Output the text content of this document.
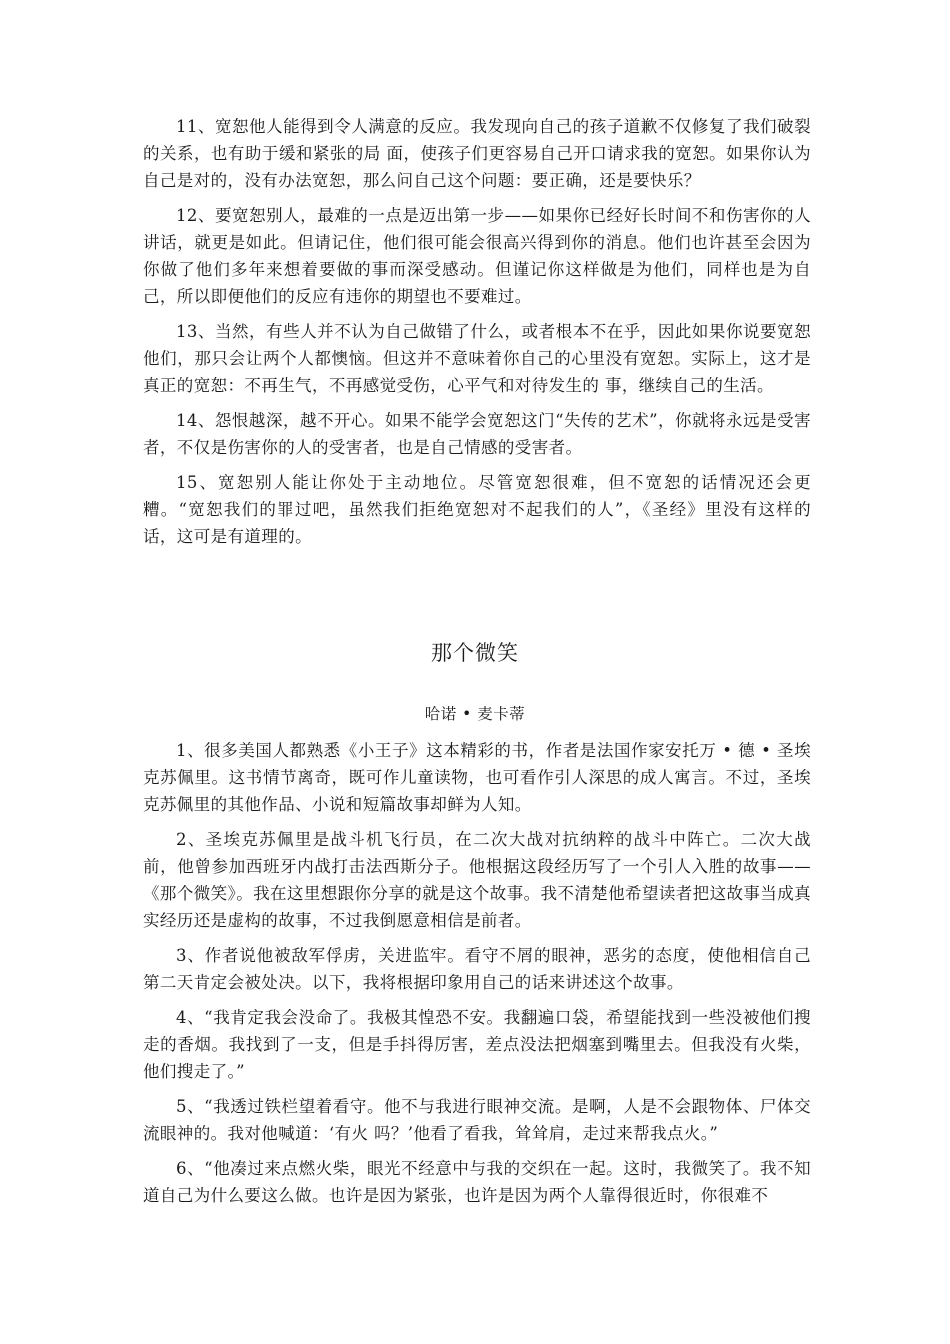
11、宽恕他人能得到令人满意的反应。我发现向自己的孩子道歉不仅修复了我们破裂的关系，也有助于缓和紧张的局 面，使孩子们更容易自己开口请求我的宽恕。如果你认为自己是对的，没有办法宽恕，那么问自己这个问题：要正确，还是要快乐？

12、要宽恕别人，最难的一点是迈出第一步——如果你已经好长时间不和伤害你的人讲话，就更是如此。但请记住，他们很可能会很高兴得到你的消息。他们也许甚至会因为你做了他们多年来想着要做的事而深受感动。但谨记你这样做是为他们，同样也是为自己，所以即便他们的反应有违你的期望也不要难过。

13、当然，有些人并不认为自己做错了什么，或者根本不在乎，因此如果你说要宽恕他们，那只会让两个人都懊恼。但这并不意味着你自己的心里没有宽恕。实际上，这才是真正的宽恕：不再生气，不再感觉受伤，心平气和对待发生的 事，继续自己的生活。

14、怨恨越深，越不开心。如果不能学会宽恕这门“失传的艺术”，你就将永远是受害者，不仅是伤害你的人的受害者，也是自己情感的受害者。

15、宽恕别人能让你处于主动地位。尽管宽恕很难，但不宽恕的话情况还会更糟。“宽恕我们的罪过吧，虽然我们拒绝宽恕对不起我们的人”，《圣经》里没有这样的话，这可是有道理的。

那个微笑
哈诺 • 麦卡蒂

1、很多美国人都熟悉《小王子》这本精彩的书，作者是法国作家安托万 • 德 • 圣埃克苏佩里。这书情节离奇，既可作儿童读物，也可看作引人深思的成人寓言。不过，圣埃克苏佩里的其他作品、小说和短篇故事却鲜为人知。

2、圣埃克苏佩里是战斗机飞行员，在二次大战对抗纳粹的战斗中阵亡。二次大战前，他曾参加西班牙内战打击法西斯分子。他根据这段经历写了一个引人入胜的故事——《那个微笑》。我在这里想跟你分享的就是这个故事。我不清楚他希望读者把这故事当成真实经历还是虚构的故事，不过我倒愿意相信是前者。

3、作者说他被敌军俘虏，关进监牢。看守不屑的眼神，恶劣的态度，使他相信自己第二天肯定会被处决。以下，我将根据印象用自己的话来讲述这个故事。

4、“我肯定我会没命了。我极其惶恐不安。我翻遍口袋，希望能找到一些没被他们搜走的香烟。我找到了一支，但是手抖得厉害，差点没法把烟塞到嘴里去。但我没有火柴，他们搜走了。”

5、“我透过铁栏望着看守。他不与我进行眼神交流。是啊，人是不会跟物体、尸体交流眼神的。我对他喊道：‘有火 吗？’他看了看我，耸耸肩，走过来帮我点火。”

6、“他凑过来点燃火柴，眼光不经意中与我的交织在一起。这时，我微笑了。我不知道自己为什么要这么做。也许是因为紧张，也许是因为两个人靠得很近时，你很难不
